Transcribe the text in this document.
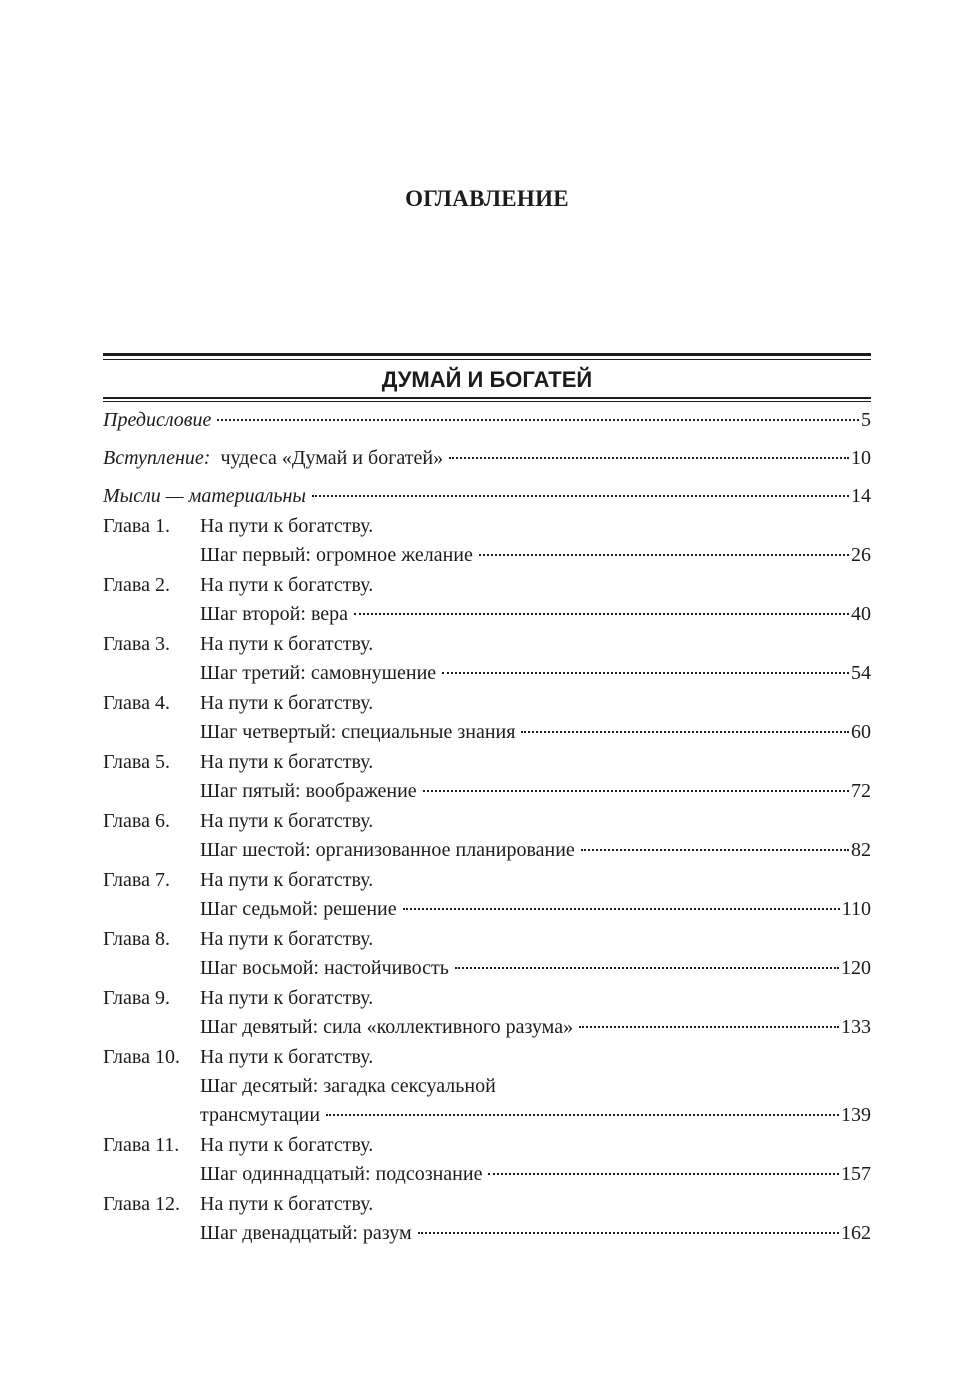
ОГЛАВЛЕНИЕ
ДУМАЙ И БОГАТЕЙ
Предисловие	5
Вступление: чудеса «Думай и богатей»	10
Мысли — материальны	14
Глава 1.	На пути к богатству.
Шаг первый: огромное желание	26
Глава 2.	На пути к богатству.
Шаг второй: вера	40
Глава 3.	На пути к богатству.
Шаг третий: самовнушение	54
Глава 4.	На пути к богатству.
Шаг четвертый: специальные знания	60
Глава 5.	На пути к богатству.
Шаг пятый: воображение	72
Глава 6.	На пути к богатству.
Шаг шестой: организованное планирование	82
Глава 7.	На пути к богатству.
Шаг седьмой: решение	110
Глава 8.	На пути к богатству.
Шаг восьмой: настойчивость	120
Глава 9.	На пути к богатству.
Шаг девятый: сила «коллективного разума»	133
Глава 10.	На пути к богатству.
Шаг десятый: загадка сексуальной
трансмутации	139
Глава 11.	На пути к богатству.
Шаг одиннадцатый: подсознание	157
Глава 12.	На пути к богатству.
Шаг двенадцатый: разум	162
